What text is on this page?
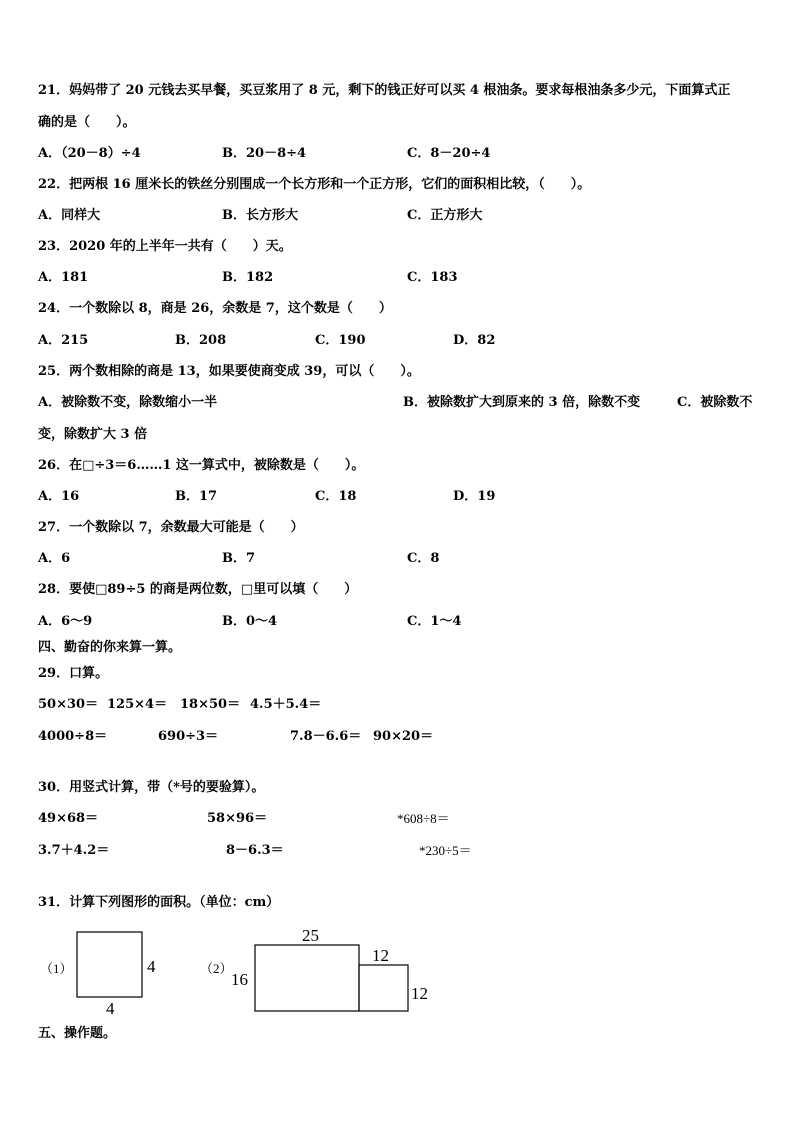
21．妈妈带了 20 元钱去买早餐，买豆浆用了 8 元，剩下的钱正好可以买 4 根油条。要求每根油条多少元，下面算式正
确的是（　　）。
A．（20－8）÷4	B．20－8÷4	C．8－20÷4
22．把两根 16 厘米长的铁丝分别围成一个长方形和一个正方形，它们的面积相比较，（　　）。
A．同样大	B．长方形大	C．正方形大
23．2020 年的上半年一共有（　　）天。
A．181	B．182	C．183
24．一个数除以 8，商是 26，余数是 7，这个数是（　　）
A．215	B．208	C．190	D．82
25．两个数相除的商是 13，如果要使商变成 39，可以（　　）。
A．被除数不变，除数缩小一半	B．被除数扩大到原来的 3 倍，除数不变	C．被除数不
变，除数扩大 3 倍
26．在□÷3＝6……1 这一算式中，被除数是（　　）。
A．16	B．17	C．18	D．19
27．一个数除以 7，余数最大可能是（　　）
A．6	B．7	C．8
28．要使□89÷5 的商是两位数，□里可以填（　　）
A．6～9	B．0～4	C．1～4
四、勤奋的你来算一算。
29．口算。
50×30＝ 125×4＝ 18×50＝ 4.5＋5.4＝
4000÷8＝	690÷3＝	7.8－6.6＝ 90×20＝
30．用竖式计算，带（*号的要验算）。
49×68＝	58×96＝	*608÷8＝
3.7＋4.2＝	8－6.3＝	*230÷5＝
31．计算下列图形的面积。（单位：cm）
（1）	4
4
（2）
25
16
12
12
五、操作题。
